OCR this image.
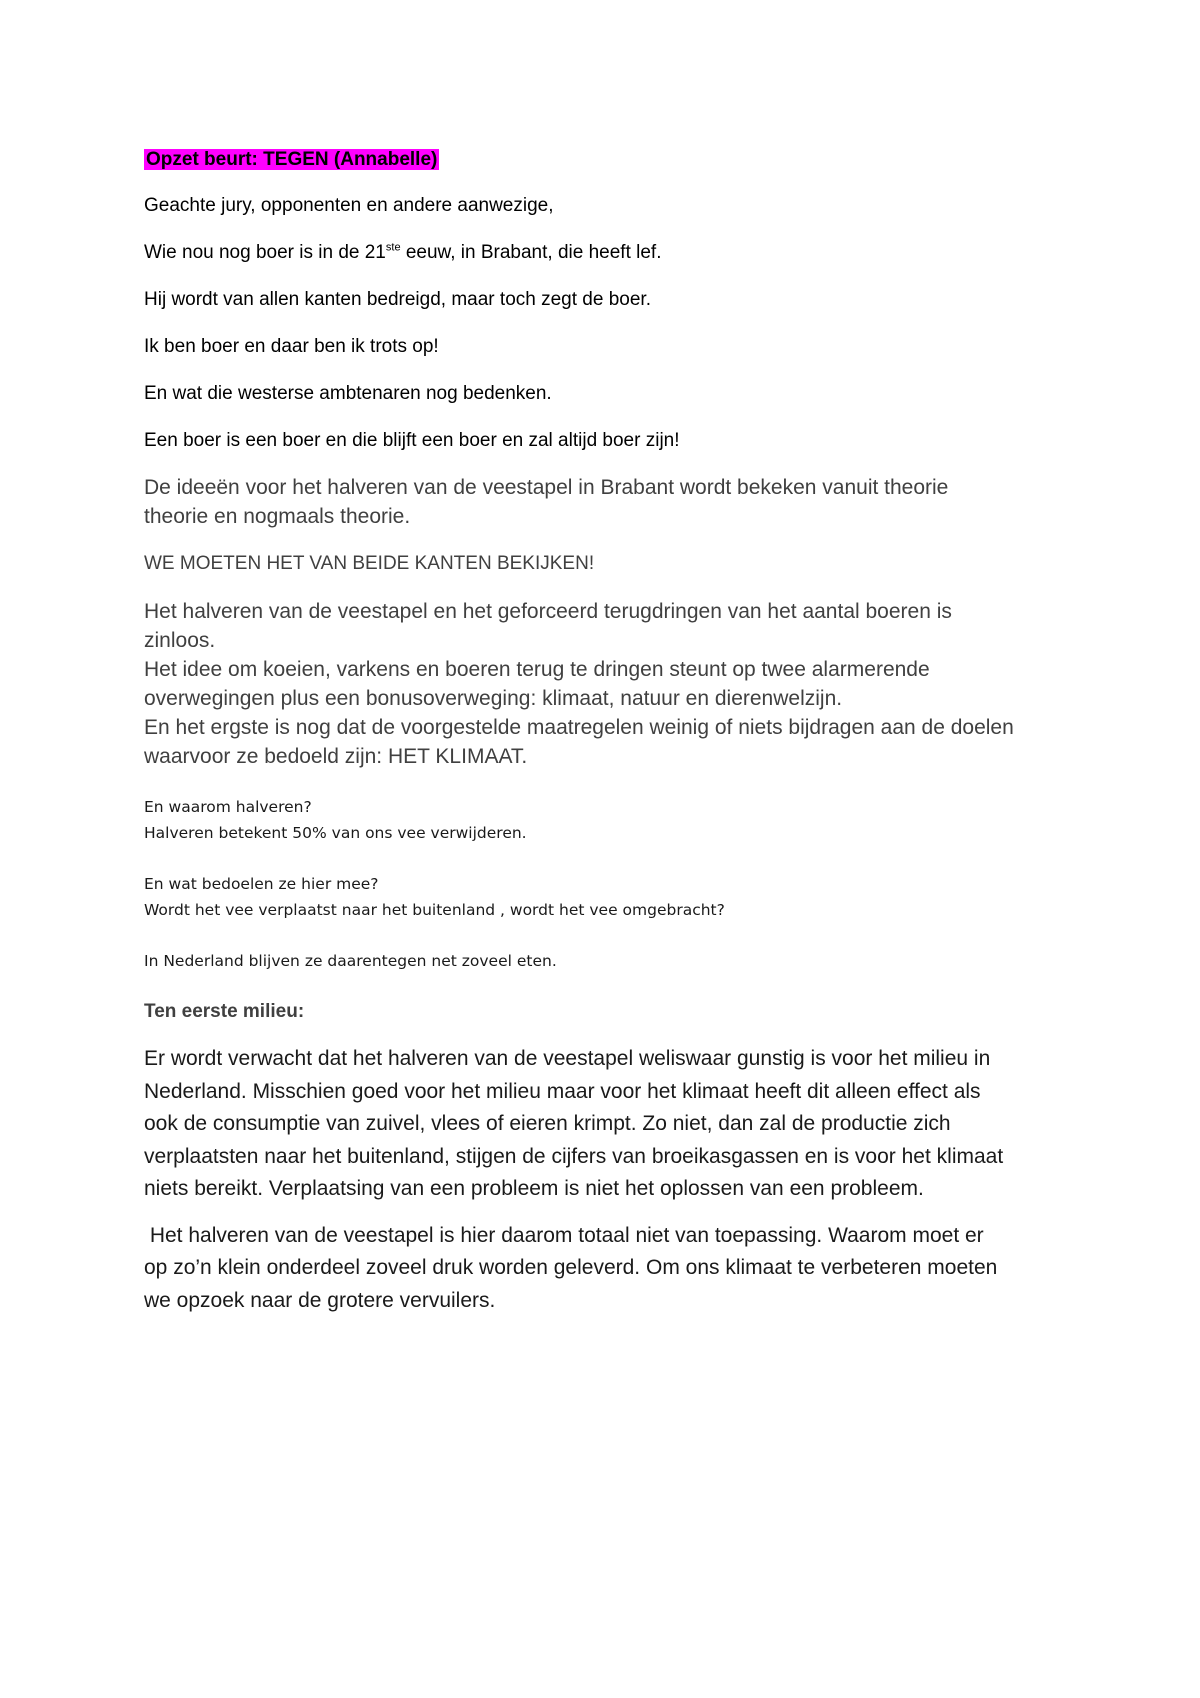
Opzet beurt: TEGEN (Annabelle)

Geachte jury, opponenten en andere aanwezige,

Wie nou nog boer is in de 21ste eeuw, in Brabant, die heeft lef.

Hij wordt van allen kanten bedreigd, maar toch zegt de boer.

Ik ben boer en daar ben ik trots op!

En wat die westerse ambtenaren nog bedenken.

Een boer is een boer en die blijft een boer en zal altijd boer zijn!

De ideeën voor het halveren van de veestapel in Brabant wordt bekeken vanuit theorie

theorie en nogmaals theorie.

WE MOETEN HET VAN BEIDE KANTEN BEKIJKEN!

Het halveren van de veestapel en het geforceerd terugdringen van het aantal boeren is

zinloos.

Het idee om koeien, varkens en boeren terug te dringen steunt op twee alarmerende

overwegingen plus een bonusoverweging: klimaat, natuur en dierenwelzijn.

En het ergste is nog dat de voorgestelde maatregelen weinig of niets bijdragen aan de doelen

waarvoor ze bedoeld zijn: HET KLIMAAT.

En waarom halveren?

Halveren betekent 50% van ons vee verwijderen.

En wat bedoelen ze hier mee?

Wordt het vee verplaatst naar het buitenland , wordt het vee omgebracht?

In Nederland blijven ze daarentegen net zoveel eten.

Ten eerste milieu:

Er wordt verwacht dat het halveren van de veestapel weliswaar gunstig is voor het milieu in

Nederland. Misschien goed voor het milieu maar voor het klimaat heeft dit alleen effect als

ook de consumptie van zuivel, vlees of eieren krimpt. Zo niet, dan zal de productie zich

verplaatsten naar het buitenland, stijgen de cijfers van broeikasgassen en is voor het klimaat

niets bereikt. Verplaatsing van een probleem is niet het oplossen van een probleem.

Het halveren van de veestapel is hier daarom totaal niet van toepassing. Waarom moet er

op zo’n klein onderdeel zoveel druk worden geleverd. Om ons klimaat te verbeteren moeten

we opzoek naar de grotere vervuilers.
